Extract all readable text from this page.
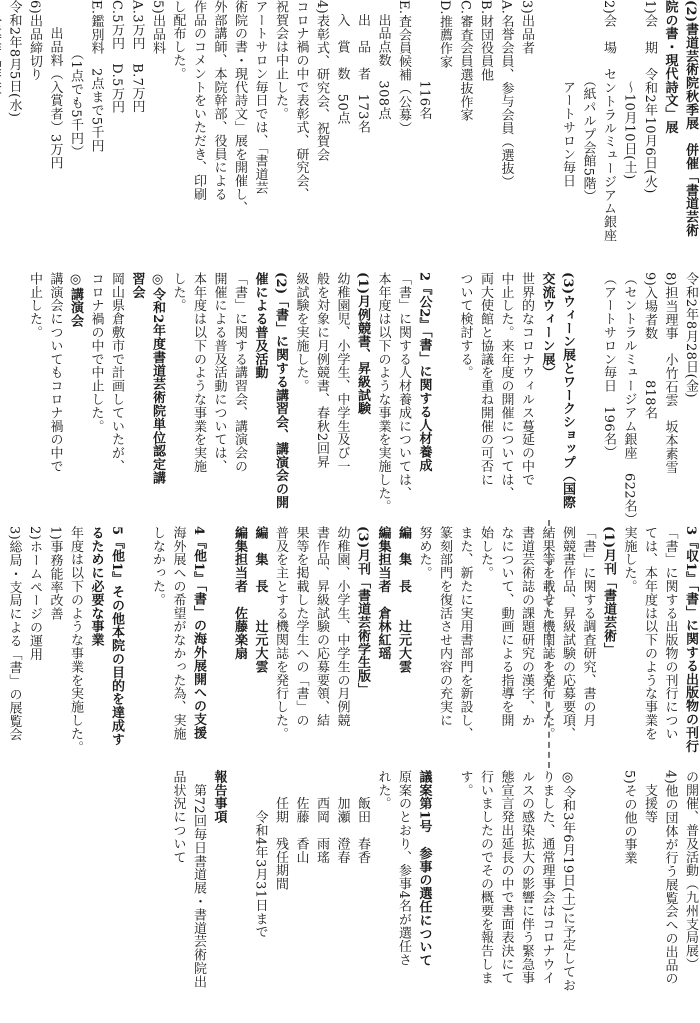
(2)書道芸術院秋季展　併催「書道芸術
院の書・現代詩文」展
1)会　期　令和2年10月6日(火)
　　　　　　〜10月10日(土)
2)会　場　セントラルミュージアム銀座
　　　　　　（紙パルプ会館5階）
　　　　　　アートサロン毎日

3)出品者
A.名誉会員、参与会員（選抜）
B.財団役員他
C.審査会員選抜作家
D.推薦作家
　　　　　　116名
E.査会員候補（公募）
　出品点数　308点
　出　品　者　173名
　入　賞　数　50点
4)表彰式、研究会、祝賀会
コロナ禍の中で表彰式、研究会、
祝賀会は中止した。
アートサロン毎日では、「書道芸
術院の書・現代詩文」展を開催し、
外部講師、本院幹部、役員による
作品のコメントをいただき、印刷
し配布した。
5)出品料
A.3万円　B.7万円
C.5万円　D.5万円
E.鑑別料　2点まで5千円
　　　　（1点でも5千円）
　　出品料（入賞者）3万円
6)出品締切り
令和2年8月5日(水)
令和2年8月28日(金)
8)担当理事　小竹石雲　坂本素雪
9)入場者数　　　818名
（セントラルミュージアム銀座　622名）
（アートサロン毎日　196名）

(3)ウィーン展とワークショップ（国際
交流ウィーン展）
世界的なコロナウィルス蔓延の中で
中止した。来年度の開催については、
両大使館と協議を重ね開催の可否に
ついて検討する。

2『公2』「書」に関する人材養成
「書」に関する人材養成については、
本年度は以下のような事業を実施した。
(1)月例競書、昇級試験
幼稚園児、小学生、中学生及び一
般を対象に月例競書、春秋2回昇
級試験を実施した。
(2)「書」に関する講習会、講演会の開
催による普及活動
「書」に関する講習会、講演会の
開催による普及活動については、
本年度は以下のような事業を実施
した。
◎令和2年度書道芸術院単位認定講
習会
岡山県倉敷市で計画していたが、
コロナ禍の中で中止した。
◎講演会
講演会についてもコロナ禍の中で
中止した。
3『収1』「書」に関する出版物の刊行
「書」に関する出版物の刊行につい
ては、本年度は以下のような事業を
実施した。
(1)月刊「書道芸術」
「書」に関する調査研究、書の月
例競書作品、昇級試験の応募要項、
結果等を載せた機関誌を発行した。
書道芸術誌の課題研究の漢字、か
なについて、動画による指導を開
始した。
また、新たに実用書部門を新設し、
篆刻部門を復活させ内容の充実に
努めた。
編　集　長　　辻元大雲
編集担当者　倉林紅瑶
(3)月刊「書道芸術学生版」
幼稚園、小学生、中学生の月例競
書作品、昇級試験の応募要領、結
果等を掲載した学生への「書」の
普及を主とする機関誌を発行した。
編　集　長　　辻元大雲
編集担当者　佐藤楽扇

4『他1』「書」の海外展開への支援
海外展への希望がなかった為、実施
しなかった。

5『他1』その他本院の目的を達成す
るために必要な事業
年度は以下のような事業を実施した。
1)事務能率改善
2)ホームページの運用
3)総局・支局による「書」の展覧会
の開催、普及活動（九州支局展）
4)他の団体が行う展覧会への出品の
　支援等
5)その他の事業

◎令和3年6月19日(土)に予定してお
りました、通常理事会はコロナウイ
ルスの感染拡大の影響に伴う緊急事
態宣言発出延長の中で書面表決にて
行いましたのでその概要を報告しま
す。

議案第1号　参事の選任について
原案のとおり、参事4名が選任さ
れた。
　　飯田　春香
　　加瀬　澄春
　　西岡　雨瑤
　　佐藤　香山
　　任期　残任期間
　　　令和4年3月31日まで

報告事項
　第72回毎日書道展・書道芸術院出
品状況について
